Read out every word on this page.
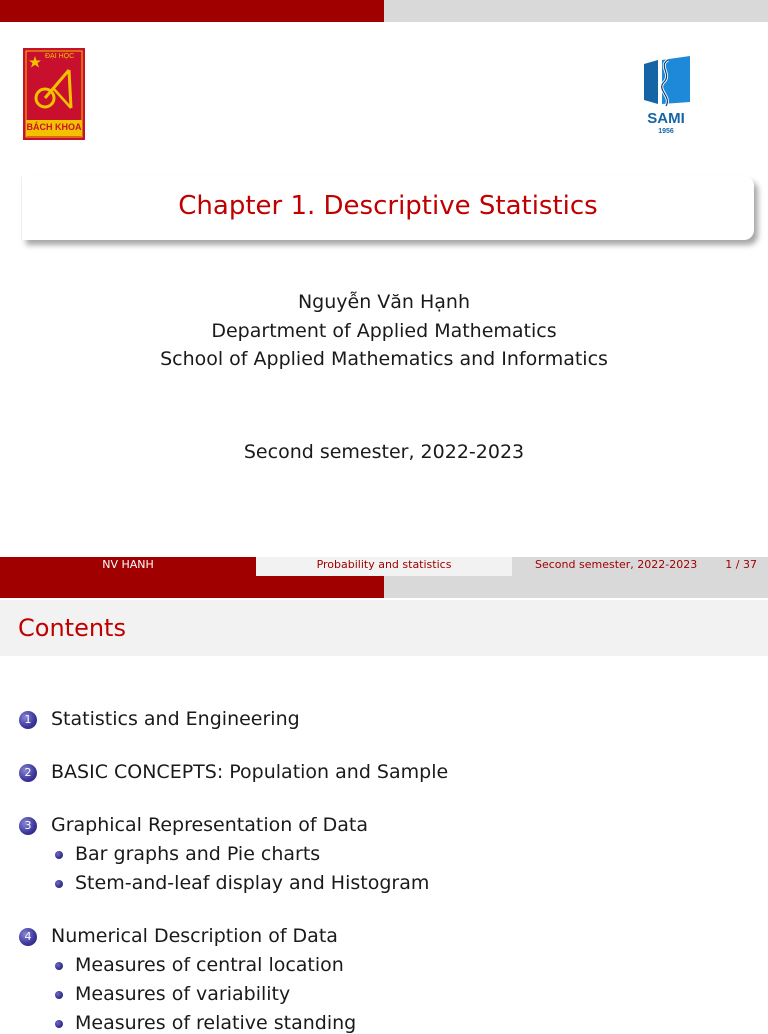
ĐẠI HỌC
BÁCH KHOA	SAMI
1956
Chapter 1. Descriptive Statistics
Nguyễn Văn Hạnh
Department of Applied Mathematics
School of Applied Mathematics and Informatics
Second semester, 2022-2023
NV HANH	Probability and statistics	Second semester, 2022-2023	1 / 37
Contents
1 Statistics and Engineering
2 BASIC CONCEPTS: Population and Sample
3 Graphical Representation of Data
Bar graphs and Pie charts
Stem-and-leaf display and Histogram
4 Numerical Description of Data
Measures of central location
Measures of variability
Measures of relative standing
